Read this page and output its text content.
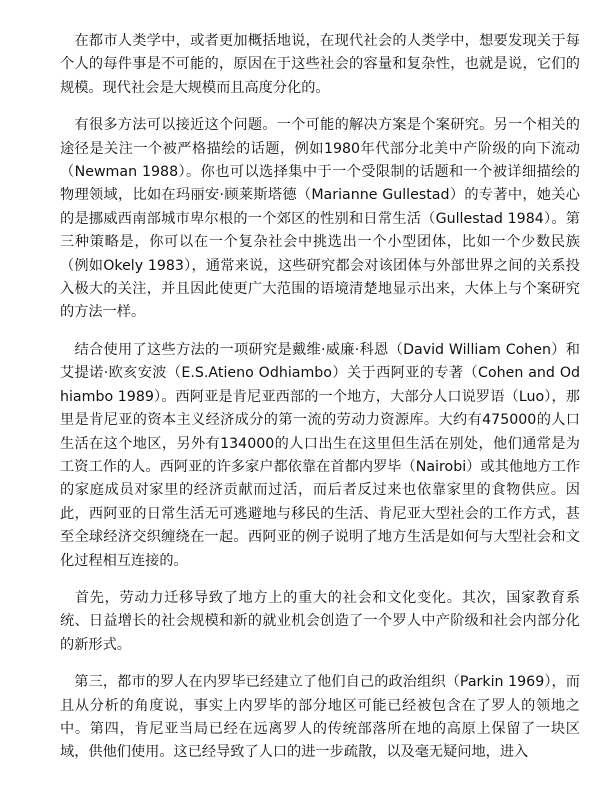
　在都市人类学中，或者更加概括地说，在现代社会的人类学中，想要发现关于每个人的每件事是不可能的，原因在于这些社会的容量和复杂性，也就是说，它们的规模。现代社会是大规模而且高度分化的。

　有很多方法可以接近这个问题。一个可能的解决方案是个案研究。另一个相关的途径是关注一个被严格描绘的话题，例如1980年代部分北美中产阶级的向下流动（Newman 1988）。你也可以选择集中于一个受限制的话题和一个被详细描绘的物理领域，比如在玛丽安·顾莱斯塔德（Marianne Gullestad）的专著中，她关心的是挪威西南部城市卑尔根的一个郊区的性别和日常生活（Gullestad 1984）。第三种策略是，你可以在一个复杂社会中挑选出一个小型团体，比如一个少数民族（例如Okely 1983），通常来说，这些研究都会对该团体与外部世界之间的关系投入极大的关注，并且因此使更广大范围的语境清楚地显示出来，大体上与个案研究的方法一样。

　结合使用了这些方法的一项研究是戴维·威廉·科恩（David William Cohen）和艾提诺·欧亥安波（E.S.Atieno Odhiambo）关于西阿亚的专著（Cohen and Odhiambo 1989）。西阿亚是肯尼亚西部的一个地方，大部分人口说罗语（Luo），那里是肯尼亚的资本主义经济成分的第一流的劳动力资源库。大约有475000的人口生活在这个地区，另外有134000的人口出生在这里但生活在别处，他们通常是为工资工作的人。西阿亚的许多家户都依靠在首都内罗毕（Nairobi）或其他地方工作的家庭成员对家里的经济贡献而过活，而后者反过来也依靠家里的食物供应。因此，西阿亚的日常生活无可逃避地与移民的生活、肯尼亚大型社会的工作方式，甚至全球经济交织缠绕在一起。西阿亚的例子说明了地方生活是如何与大型社会和文化过程相互连接的。

　首先，劳动力迁移导致了地方上的重大的社会和文化变化。其次，国家教育系统、日益增长的社会规模和新的就业机会创造了一个罗人中产阶级和社会内部分化的新形式。

　第三，都市的罗人在内罗毕已经建立了他们自己的政治组织（Parkin 1969），而且从分析的角度说，事实上内罗毕的部分地区可能已经被包含在了罗人的领地之中。第四，肯尼亚当局已经在远离罗人的传统部落所在地的高原上保留了一块区域，供他们使用。这已经导致了人口的进一步疏散，以及毫无疑问地，进入
